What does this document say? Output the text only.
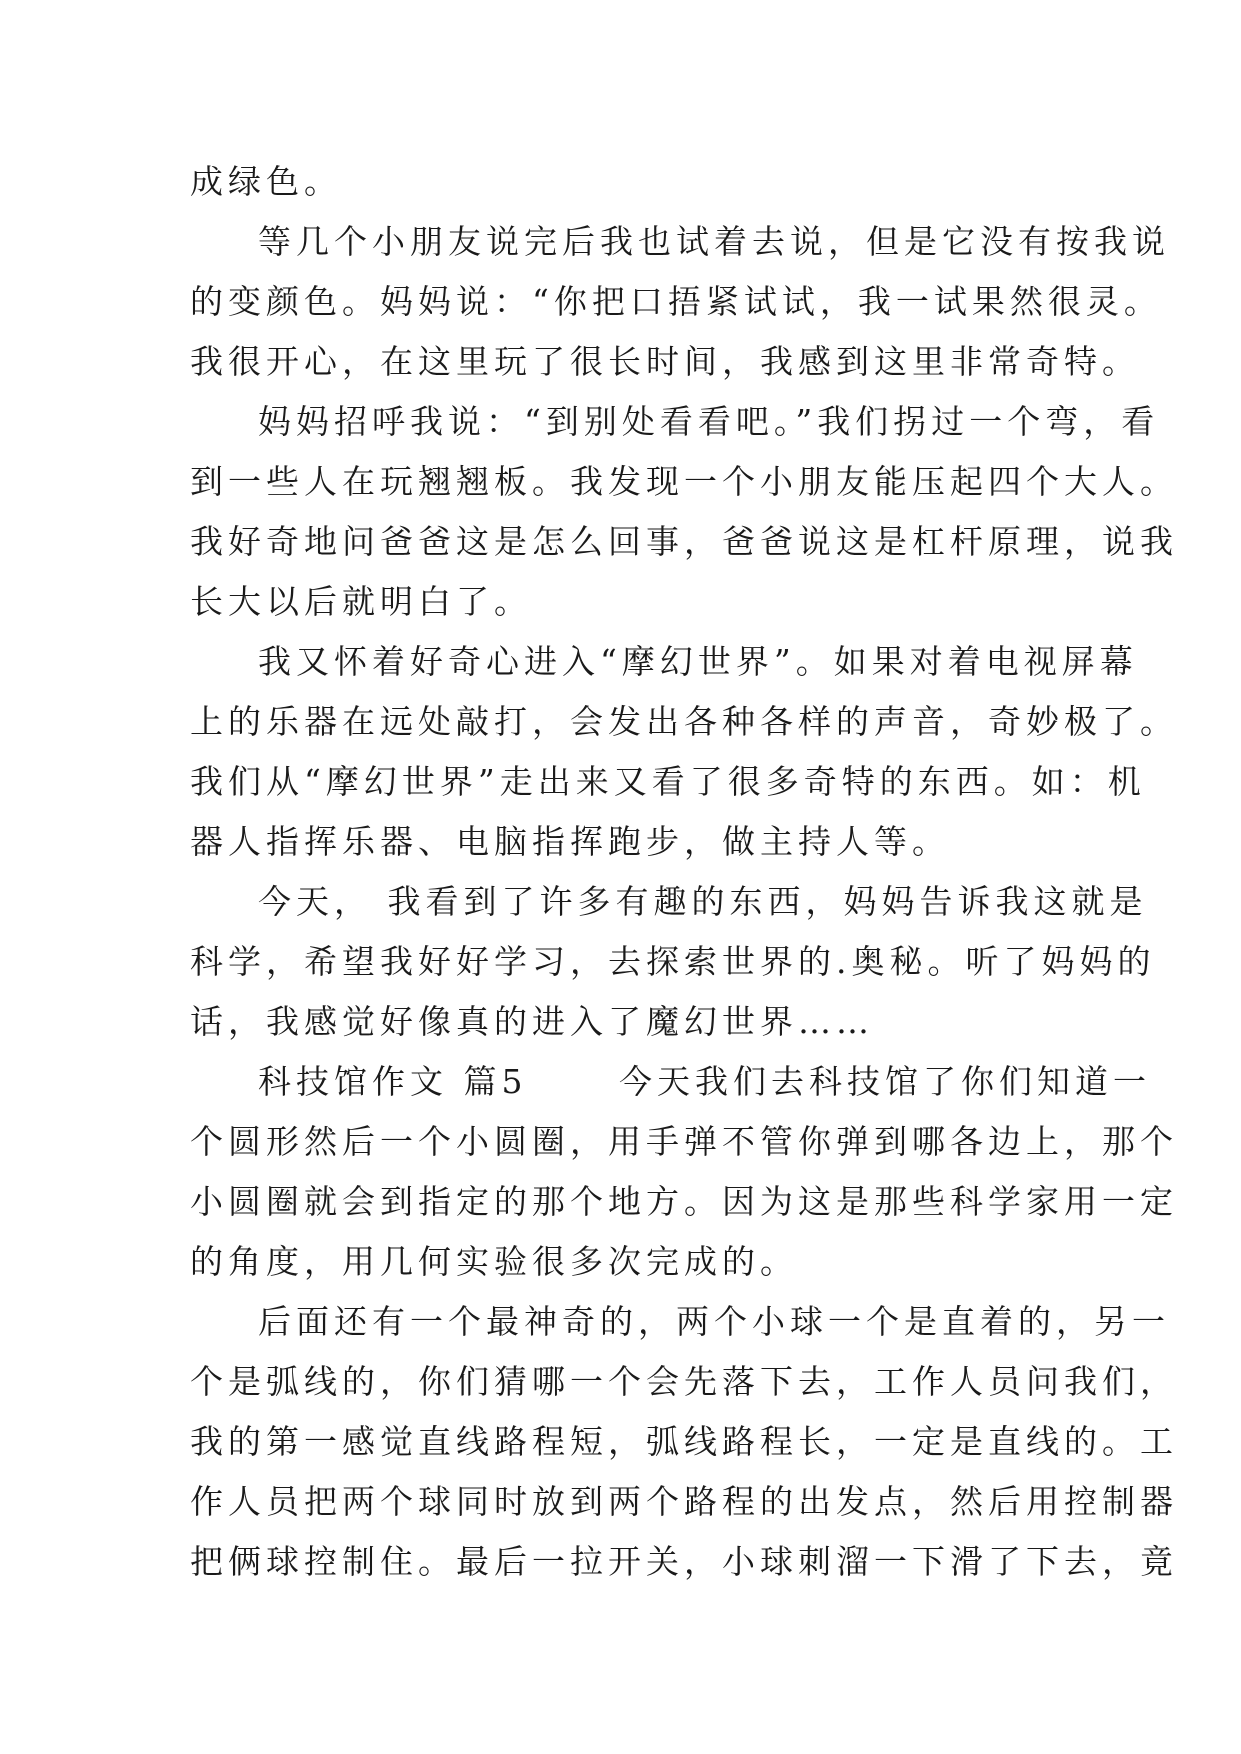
成绿色。
等几个小朋友说完后我也试着去说，但是它没有按我说
的变颜色。妈妈说：“你把口捂紧试试，我一试果然很灵。
我很开心，在这里玩了很长时间，我感到这里非常奇特。
妈妈招呼我说：“到别处看看吧。”我们拐过一个弯，看
到一些人在玩翘翘板。我发现一个小朋友能压起四个大人。
我好奇地问爸爸这是怎么回事，爸爸说这是杠杆原理，说我
长大以后就明白了。
我又怀着好奇心进入“摩幻世界”。如果对着电视屏幕
上的乐器在远处敲打，会发出各种各样的声音，奇妙极了。
我们从“摩幻世界”走出来又看了很多奇特的东西。如：机
器人指挥乐器、电脑指挥跑步，做主持人等。
今天， 我看到了许多有趣的东西，妈妈告诉我这就是
科学，希望我好好学习，去探索世界的.奥秘。听了妈妈的
话，我感觉好像真的进入了魔幻世界……
科技馆作文 篇5 　　今天我们去科技馆了你们知道一
个圆形然后一个小圆圈，用手弹不管你弹到哪各边上，那个
小圆圈就会到指定的那个地方。因为这是那些科学家用一定
的角度，用几何实验很多次完成的。
后面还有一个最神奇的，两个小球一个是直着的，另一
个是弧线的，你们猜哪一个会先落下去，工作人员问我们，
我的第一感觉直线路程短，弧线路程长，一定是直线的。工
作人员把两个球同时放到两个路程的出发点，然后用控制器
把俩球控制住。最后一拉开关，小球刺溜一下滑了下去，竟
